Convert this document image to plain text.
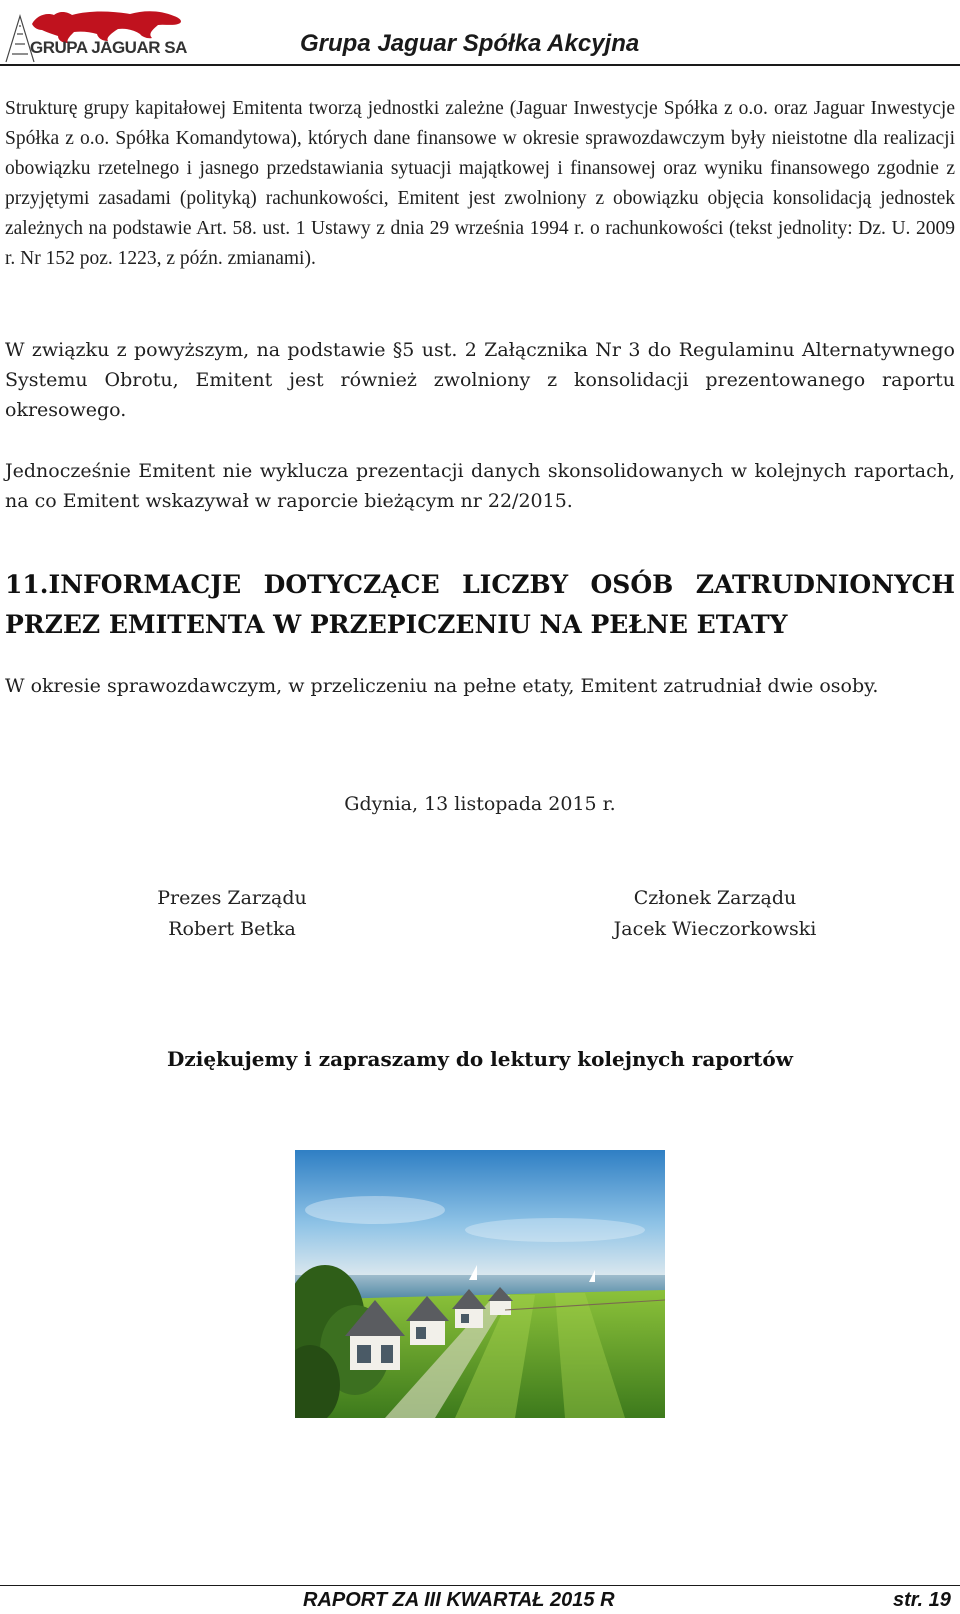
GRUPA JAGUAR SA	Grupa Jaguar Spółka Akcyjna
Strukturę grupy kapitałowej Emitenta tworzą jednostki zależne (Jaguar Inwestycje Spółka z o.o. oraz Jaguar Inwestycje Spółka z o.o. Spółka Komandytowa), których dane finansowe w okresie sprawozdawczym były nieistotne dla realizacji obowiązku rzetelnego i jasnego przedstawiania sytuacji majątkowej i finansowej oraz wyniku finansowego zgodnie z przyjętymi zasadami (polityką) rachunkowości, Emitent jest zwolniony z obowiązku objęcia konsolidacją jednostek zależnych na podstawie Art. 58. ust. 1 Ustawy z dnia 29 września 1994 r. o rachunkowości (tekst jednolity: Dz. U. 2009 r. Nr 152 poz. 1223, z późn. zmianami).
W związku z powyższym, na podstawie §5 ust. 2 Załącznika Nr 3 do Regulaminu Alternatywnego Systemu Obrotu, Emitent jest również zwolniony z konsolidacji prezentowanego raportu okresowego.
Jednocześnie Emitent nie wyklucza prezentacji danych skonsolidowanych w kolejnych raportach, na co Emitent wskazywał w raporcie bieżącym nr 22/2015.
11.INFORMACJE DOTYCZĄCE LICZBY OSÓB ZATRUDNIONYCH PRZEZ EMITENTA W PRZEPICZENIU NA PEŁNE ETATY
W okresie sprawozdawczym, w przeliczeniu na pełne etaty, Emitent zatrudniał dwie osoby.
Gdynia, 13 listopada 2015 r.
Prezes Zarządu
Robert Betka
Członek Zarządu
Jacek Wieczorkowski
Dziękujemy i zapraszamy do lektury kolejnych raportów
RAPORT ZA III KWARTAŁ 2015 R	str. 19
